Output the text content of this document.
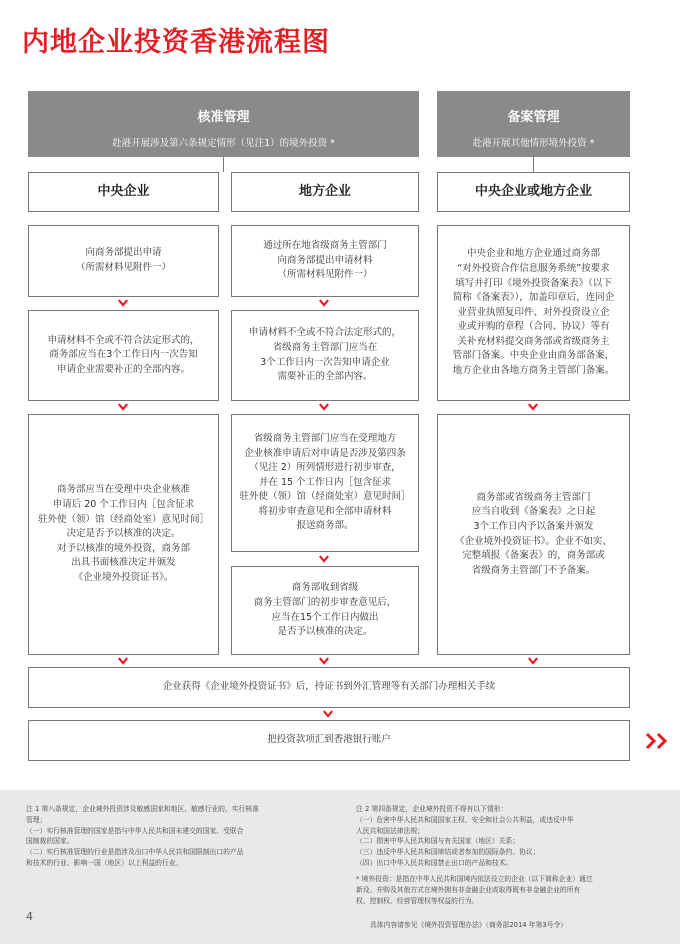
内地企业投资香港流程图
核准管理
赴港开展涉及第六条规定情形（见注1）的境外投资 *
备案管理
赴港开展其他情形境外投资 *
中央企业	地方企业	中央企业或地方企业
向商务部提出申请
（所需材料见附件一）
通过所在地省级商务主管部门
向商务部提出申请材料
（所需材料见附件一）
中央企业和地方企业通过商务部
“对外投资合作信息服务系统”按要求
填写并打印《境外投资备案表》（以下
简称《备案表》），加盖印章后，连同企
业营业执照复印件、对外投资设立企
业或并购的章程（合同、协议）等有
关补充材料提交商务部或省级商务主
管部门备案。中央企业由商务部备案，
地方企业由各地方商务主管部门备案。
申请材料不全或不符合法定形式的，
商务部应当在3个工作日内一次告知
申请企业需要补正的全部内容。
申请材料不全或不符合法定形式的，
省级商务主管部门应当在
3个工作日内一次告知申请企业
需要补正的全部内容。
商务部应当在受理中央企业核准
申请后 20 个工作日内［包含征求
驻外使（领）馆（经商处室）意见时间］
决定是否予以核准的决定。
对予以核准的境外投资，商务部
出具书面核准决定并颁发
《企业境外投资证书》。
省级商务主管部门应当在受理地方
企业核准申请后对申请是否涉及第四条
（见注 2）所列情形进行初步审查，
并在 15 个工作日内［包含征求
驻外使（领）馆（经商处室）意见时间］
将初步审查意见和全部申请材料
报送商务部。
商务部收到省级
商务主管部门的初步审查意见后，
应当在15个工作日内做出
是否予以核准的决定。
商务部或省级商务主管部门
应当自收到《备案表》之日起
3个工作日内予以备案并颁发
《企业境外投资证书》。企业不如实、
完整填报《备案表》的，商务部或
省级商务主管部门不予备案。
企业获得《企业境外投资证书》后，持证书到外汇管理等有关部门办理相关手续
把投资款项汇到香港银行账户
注 1 第八条规定，企业境外投资涉及敏感国家和地区、敏感行业的，实行核准
管理；
（一）实行核准管理的国家是指与中华人民共和国未建交的国家、受联合
国制裁的国家。
（二）实行核准管理的行业是指涉及出口中华人民共和国限制出口的产品
和技术的行业、影响一国（地区）以上利益的行业。
注 2 第四条规定，企业境外投资不得有以下情形：
（一）危害中华人民共和国国家主权、安全和社会公共利益，或违反中华
人民共和国法律法规；
（二）损害中华人民共和国与有关国家（地区）关系；
（三）违反中华人民共和国缔结或者参加的国际条约、协议；
（四）出口中华人民共和国禁止出口的产品和技术。
* 境外投资：是指在中华人民共和国境内依法设立的企业（以下简称企业）通过
新设、并购及其他方式在境外拥有非金融企业或取得既有非金融企业的所有
权、控制权、经营管理权等权益的行为。
具体内容请参见《境外投资管理办法》（商务部2014 年第3号令）
4
